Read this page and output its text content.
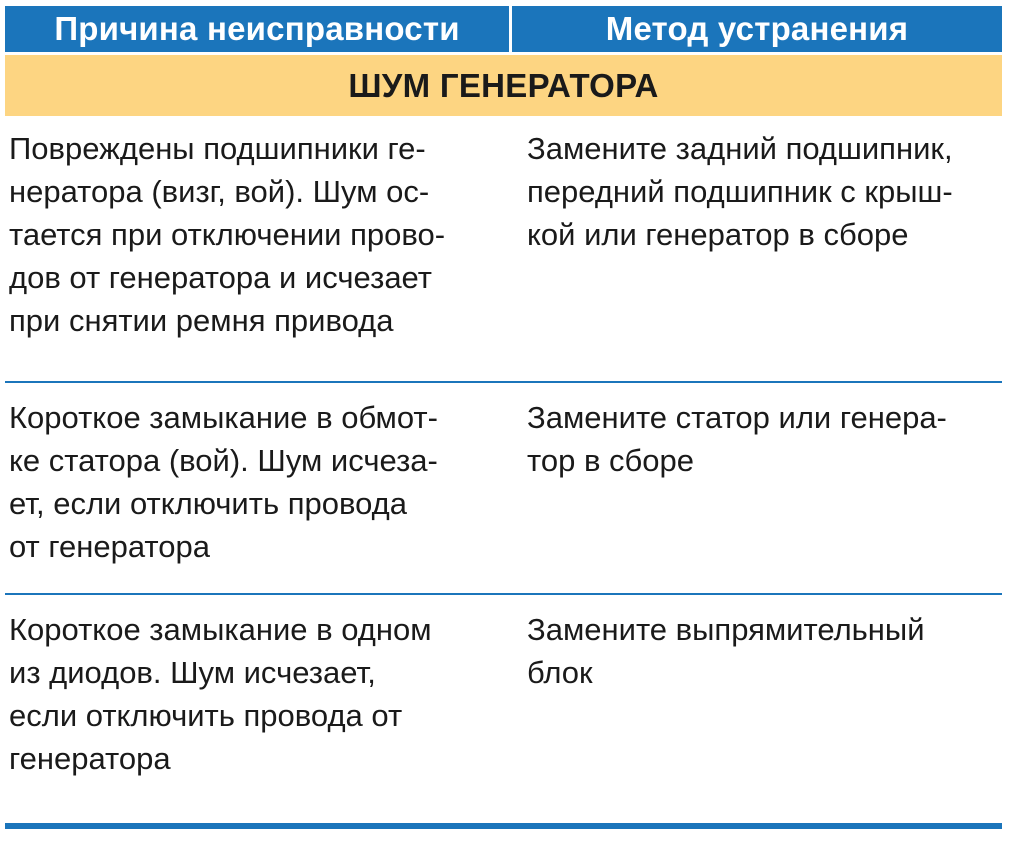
Причина неисправности	Метод устранения
ШУМ ГЕНЕРАТОРА
Повреждены подшипники ге-
нератора (визг, вой). Шум ос-
тается при отключении прово-
дов от генератора и исчезает
при снятии ремня привода
Замените задний подшипник,
передний подшипник с крыш-
кой или генератор в сборе
Короткое замыкание в обмот-
ке статора (вой). Шум исчеза-
ет, если отключить провода
от генератора
Замените статор или генера-
тор в сборе
Короткое замыкание в одном
из диодов. Шум исчезает,
если отключить провода от
генератора
Замените выпрямительный
блок
